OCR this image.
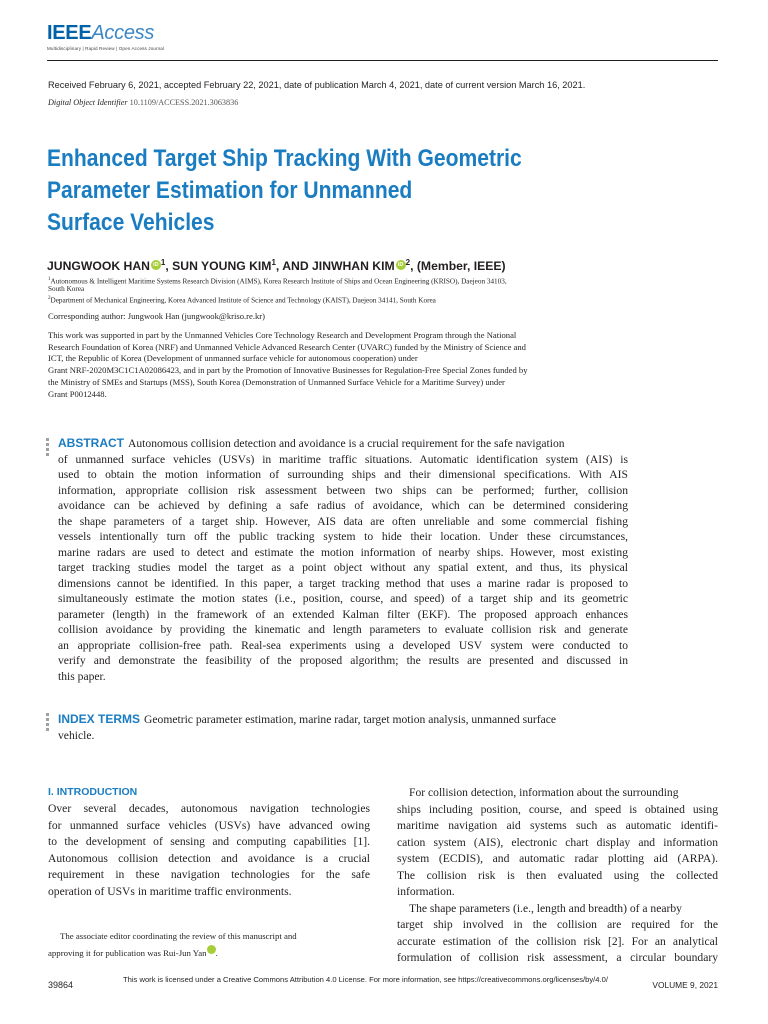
IEEEAccess
Multidisciplinary | Rapid Review | Open Access Journal
Received February 6, 2021, accepted February 22, 2021, date of publication March 4, 2021, date of current version March 16, 2021.
Digital Object Identifier 10.1109/ACCESS.2021.3063836
Enhanced Target Ship Tracking With Geometric
Parameter Estimation for Unmanned
Surface Vehicles
JUNGWOOK HAN iD $^1$, SUN YOUNG KIM$^1$, AND JINWHAN KIM iD $^2$, (Member, IEEE)
$^1$Autonomous & Intelligent Maritime Systems Research Division (AIMS), Korea Research Institute of Ships and Ocean Engineering (KRISO), Daejeon 34103,
South Korea
$^2$Department of Mechanical Engineering, Korea Advanced Institute of Science and Technology (KAIST), Daejeon 34141, South Korea
Corresponding author: Jungwook Han (jungwook@kriso.re.kr)
This work was supported in part by the Unmanned Vehicles Core Technology Research and Development Program through the National
Research Foundation of Korea (NRF) and Unmanned Vehicle Advanced Research Center (UVARC) funded by the Ministry of Science and
ICT, the Republic of Korea (Development of unmanned surface vehicle for autonomous cooperation) under
Grant NRF-2020M3C1C1A02086423, and in part by the Promotion of Innovative Businesses for Regulation-Free Special Zones funded by
the Ministry of SMEs and Startups (MSS), South Korea (Demonstration of Unmanned Surface Vehicle for a Maritime Survey) under
Grant P0012448.
ABSTRACT Autonomous collision detection and avoidance is a crucial requirement for the safe navigation
of unmanned surface vehicles (USVs) in maritime traffic situations. Automatic identification system (AIS) is
used to obtain the motion information of surrounding ships and their dimensional specifications. With AIS
information, appropriate collision risk assessment between two ships can be performed; further, collision
avoidance can be achieved by defining a safe radius of avoidance, which can be determined considering
the shape parameters of a target ship. However, AIS data are often unreliable and some commercial fishing
vessels intentionally turn off the public tracking system to hide their location. Under these circumstances,
marine radars are used to detect and estimate the motion information of nearby ships. However, most existing
target tracking studies model the target as a point object without any spatial extent, and thus, its physical
dimensions cannot be identified. In this paper, a target tracking method that uses a marine radar is proposed to
simultaneously estimate the motion states (i.e., position, course, and speed) of a target ship and its geometric
parameter (length) in the framework of an extended Kalman filter (EKF). The proposed approach enhances
collision avoidance by providing the kinematic and length parameters to evaluate collision risk and generate
an appropriate collision-free path. Real-sea experiments using a developed USV system were conducted to
verify and demonstrate the feasibility of the proposed algorithm; the results are presented and discussed in
this paper.
INDEX TERMS Geometric parameter estimation, marine radar, target motion analysis, unmanned surface
vehicle.
I. INTRODUCTION
Over several decades, autonomous navigation technologies
for unmanned surface vehicles (USVs) have advanced owing
to the development of sensing and computing capabilities [1].
Autonomous collision detection and avoidance is a crucial
requirement in these navigation technologies for the safe
operation of USVs in maritime traffic environments.
For collision detection, information about the surrounding
ships including position, course, and speed is obtained using
maritime navigation aid systems such as automatic identifi-
cation system (AIS), electronic chart display and information
system (ECDIS), and automatic radar plotting aid (ARPA).
The collision risk is then evaluated using the collected
information.
The shape parameters (i.e., length and breadth) of a nearby
target ship involved in the collision are required for the
accurate estimation of the collision risk [2]. For an analytical
formulation of collision risk assessment, a circular boundary
The associate editor coordinating the review of this manuscript and
approving it for publication was Rui-Jun Yan .
39864
This work is licensed under a Creative Commons Attribution 4.0 License. For more information, see https://creativecommons.org/licenses/by/4.0/
VOLUME 9, 2021
